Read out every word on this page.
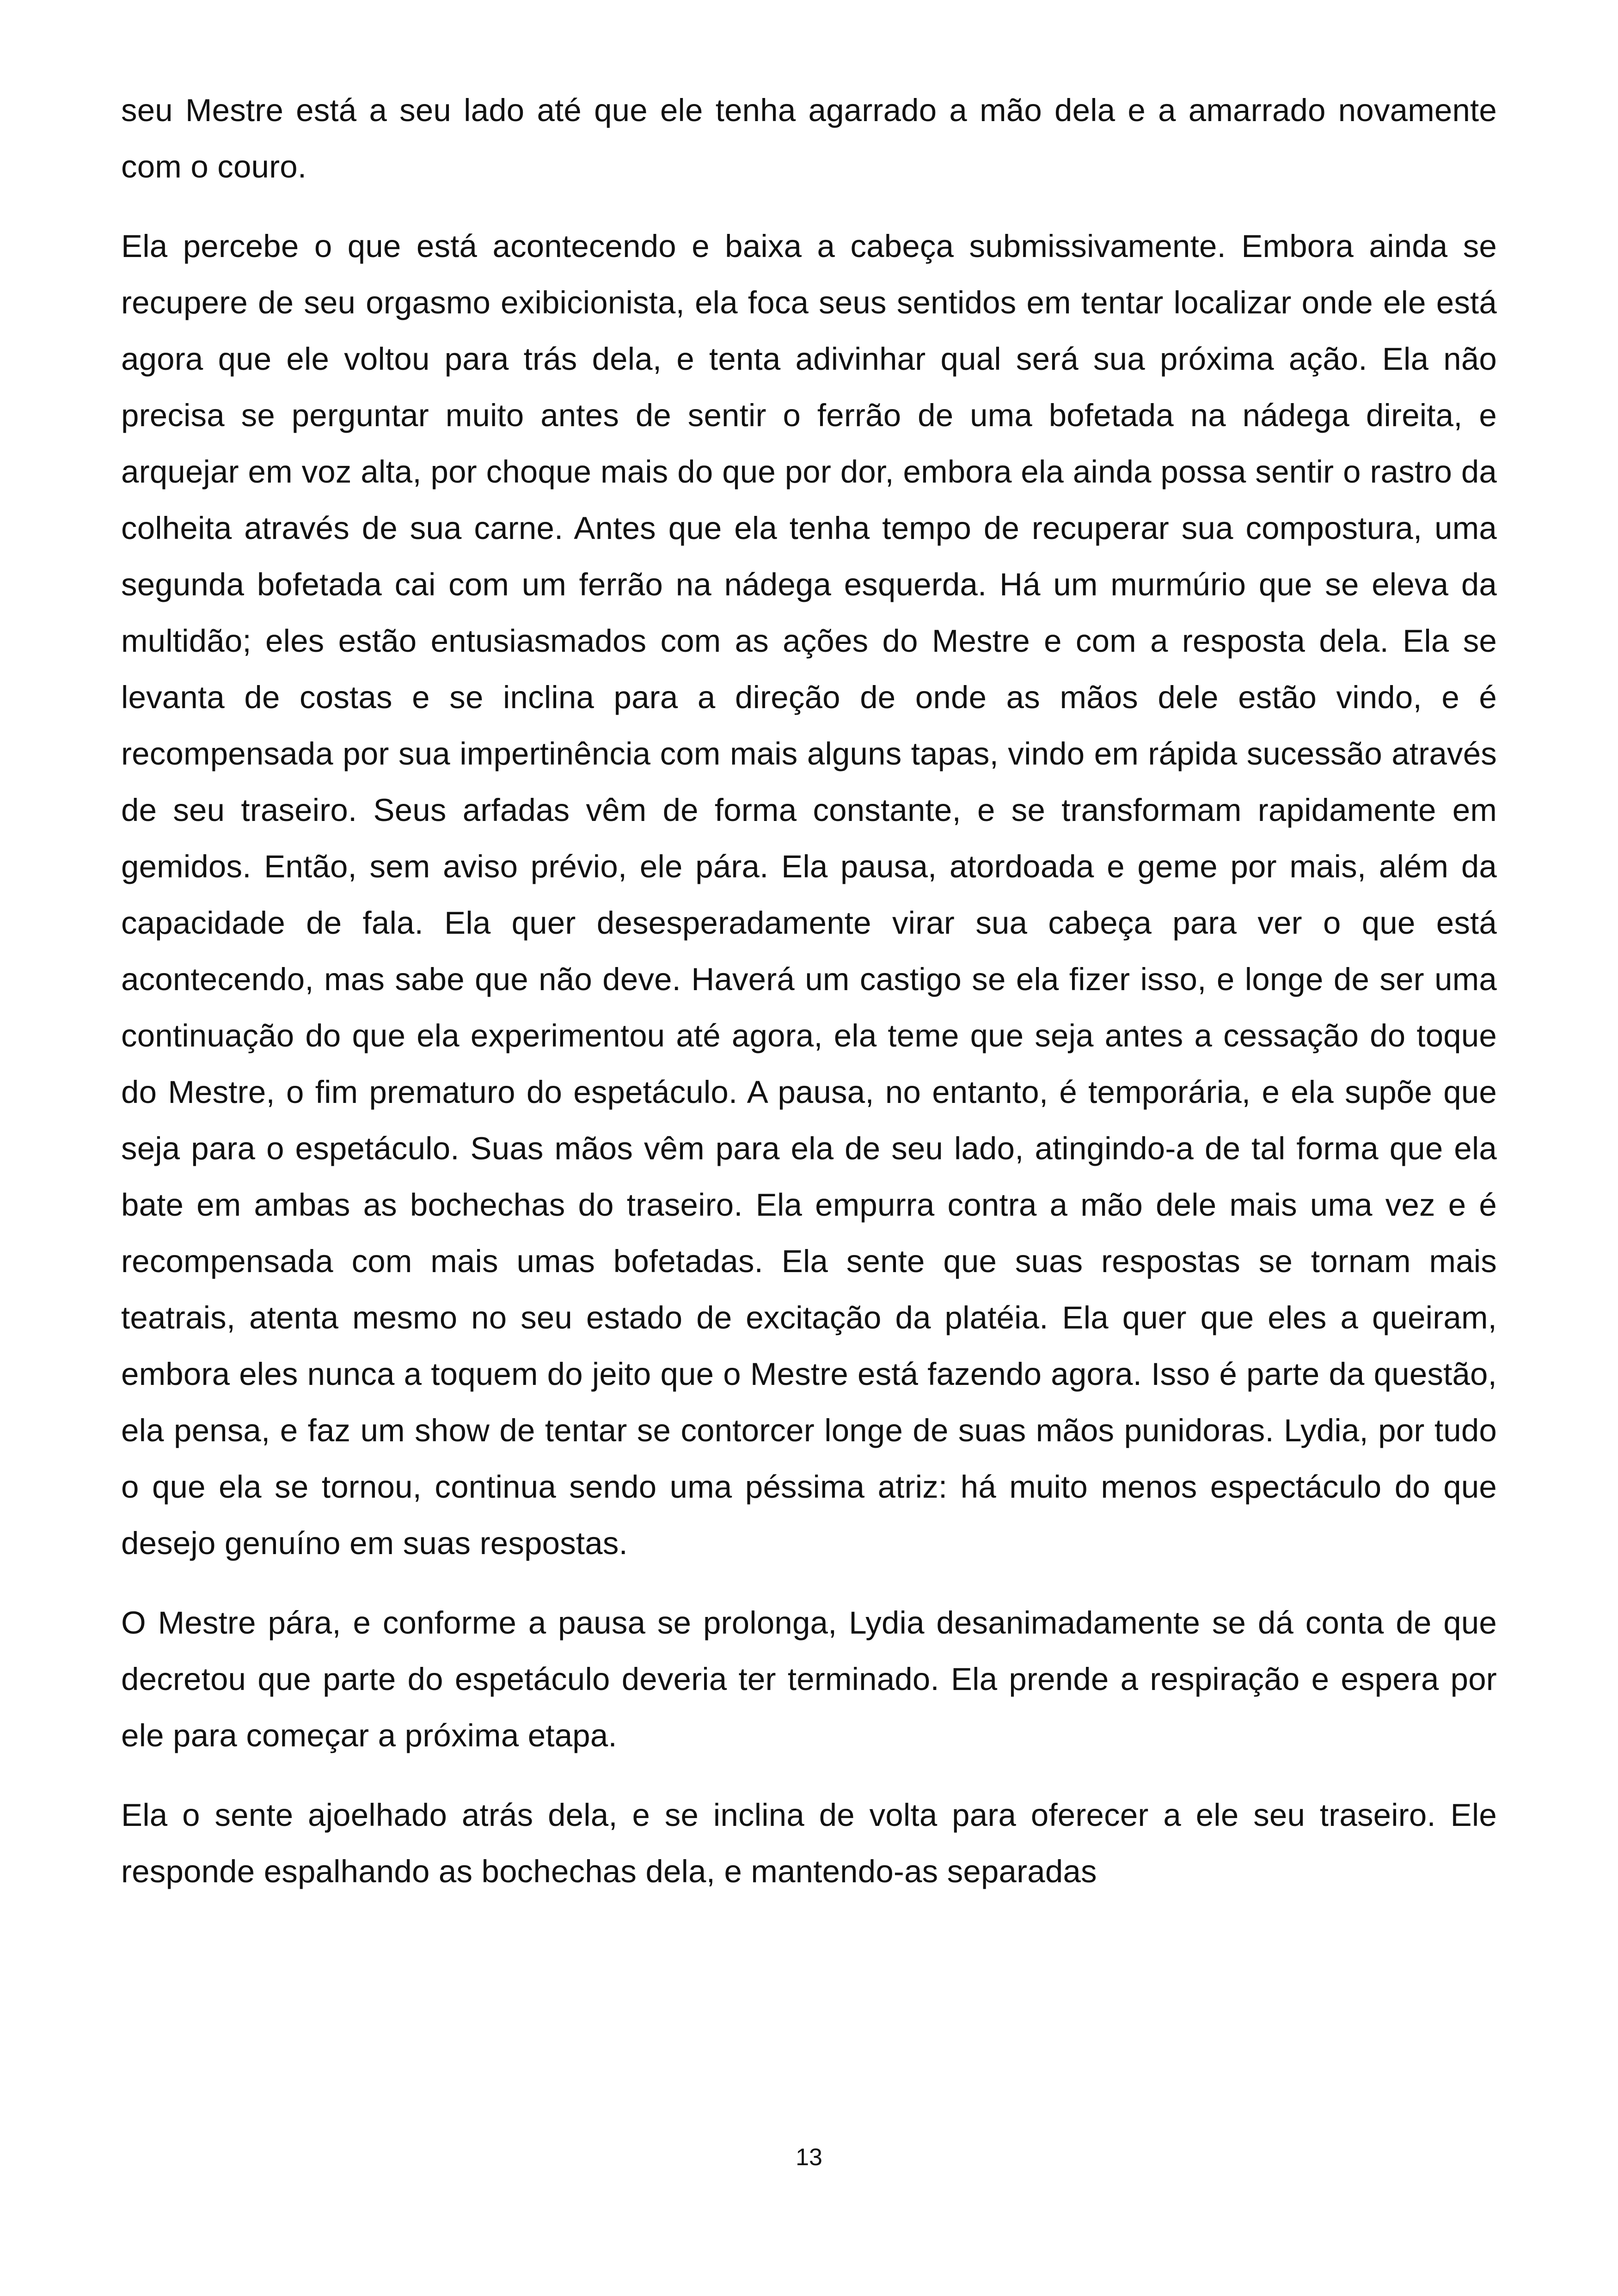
seu Mestre está a seu lado até que ele tenha agarrado a mão dela e a amarrado novamente com o couro.

Ela percebe o que está acontecendo e baixa a cabeça submissivamente. Embora ainda se recupere de seu orgasmo exibicionista, ela foca seus sentidos em tentar localizar onde ele está agora que ele voltou para trás dela, e tenta adivinhar qual será sua próxima ação. Ela não precisa se perguntar muito antes de sentir o ferrão de uma bofetada na nádega direita, e arquejar em voz alta, por choque mais do que por dor, embora ela ainda possa sentir o rastro da colheita através de sua carne. Antes que ela tenha tempo de recuperar sua compostura, uma segunda bofetada cai com um ferrão na nádega esquerda. Há um murmúrio que se eleva da multidão; eles estão entusiasmados com as ações do Mestre e com a resposta dela. Ela se levanta de costas e se inclina para a direção de onde as mãos dele estão vindo, e é recompensada por sua impertinência com mais alguns tapas, vindo em rápida sucessão através de seu traseiro. Seus arfadas vêm de forma constante, e se transformam rapidamente em gemidos. Então, sem aviso prévio, ele pára. Ela pausa, atordoada e geme por mais, além da capacidade de fala. Ela quer desesperadamente virar sua cabeça para ver o que está acontecendo, mas sabe que não deve. Haverá um castigo se ela fizer isso, e longe de ser uma continuação do que ela experimentou até agora, ela teme que seja antes a cessação do toque do Mestre, o fim prematuro do espetáculo. A pausa, no entanto, é temporária, e ela supõe que seja para o espetáculo. Suas mãos vêm para ela de seu lado, atingindo-a de tal forma que ela bate em ambas as bochechas do traseiro. Ela empurra contra a mão dele mais uma vez e é recompensada com mais umas bofetadas. Ela sente que suas respostas se tornam mais teatrais, atenta mesmo no seu estado de excitação da platéia. Ela quer que eles a queiram, embora eles nunca a toquem do jeito que o Mestre está fazendo agora. Isso é parte da questão, ela pensa, e faz um show de tentar se contorcer longe de suas mãos punidoras. Lydia, por tudo o que ela se tornou, continua sendo uma péssima atriz: há muito menos espectáculo do que desejo genuíno em suas respostas.

O Mestre pára, e conforme a pausa se prolonga, Lydia desanimadamente se dá conta de que decretou que parte do espetáculo deveria ter terminado. Ela prende a respiração e espera por ele para começar a próxima etapa.

Ela o sente ajoelhado atrás dela, e se inclina de volta para oferecer a ele seu traseiro. Ele responde espalhando as bochechas dela, e mantendo-as separadas

13
